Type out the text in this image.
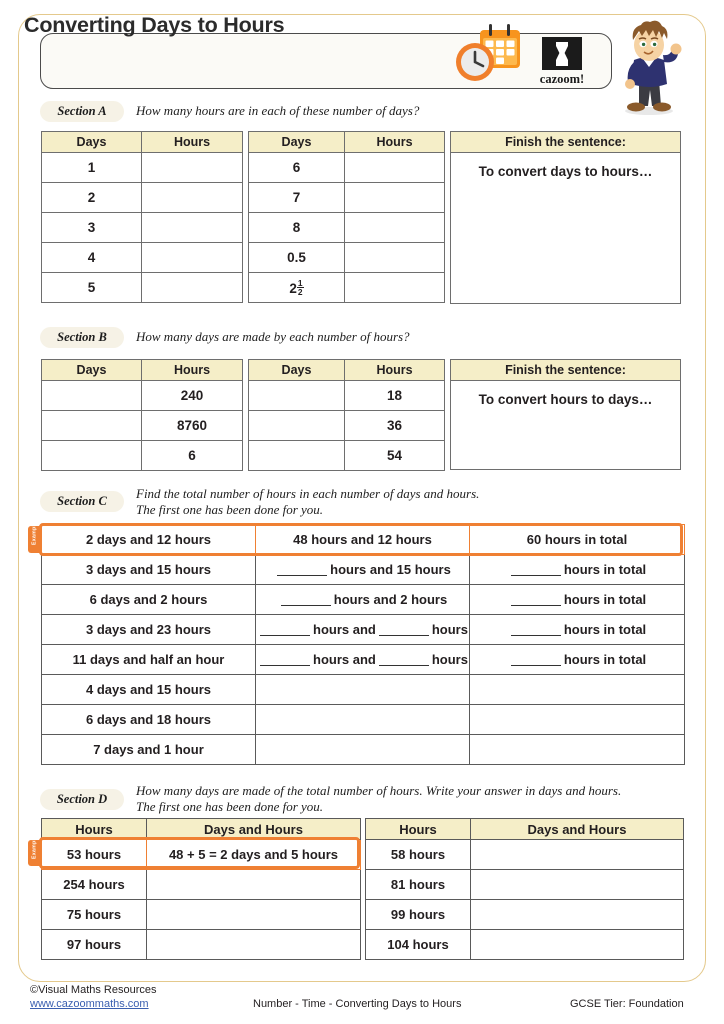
Converting Days to Hours
cazoom!
Section A	How many hours are in each of these number of days?
Days	Hours
1	
2	
3	
4	
5	
Days	Hours
6	
7	
8	
0.5	
$2 \frac{1}{2}$

Finish the sentence:
To convert days to hours…
Section B	How many days are made by each number of hours?
Days	Hours
	240
	8760
	6
Days	Hours
	18
	36
	54
Finish the sentence:
To convert hours to days…
Section C	Find the total number of hours in each number of days and hours.
The first one has been done for you.
2 days and 12 hours	48 hours and 12 hours	60 hours in total
3 days and 15 hours	hours and 15 hours	hours in total
6 days and 2 hours	hours and 2 hours	hours in total
3 days and 23 hours	hours and hours	hours in total
11 days and half an hour	hours and hours	hours in total
4 days and 15 hours		
6 days and 18 hours		
7 days and 1 hour		
Example
Section D
How many days are made of the total number of hours. Write your answer in days and hours.
The first one has been done for you.
Hours	Days and Hours
53 hours	48 + 5 = 2 days and 5 hours
254 hours	
75 hours	
97 hours	
Example
Hours	Days and Hours
58 hours	
81 hours	
99 hours	
104 hours	
©Visual Maths Resources
www.cazoommaths.com	Number - Time - Converting Days to Hours	GCSE Tier: Foundation
